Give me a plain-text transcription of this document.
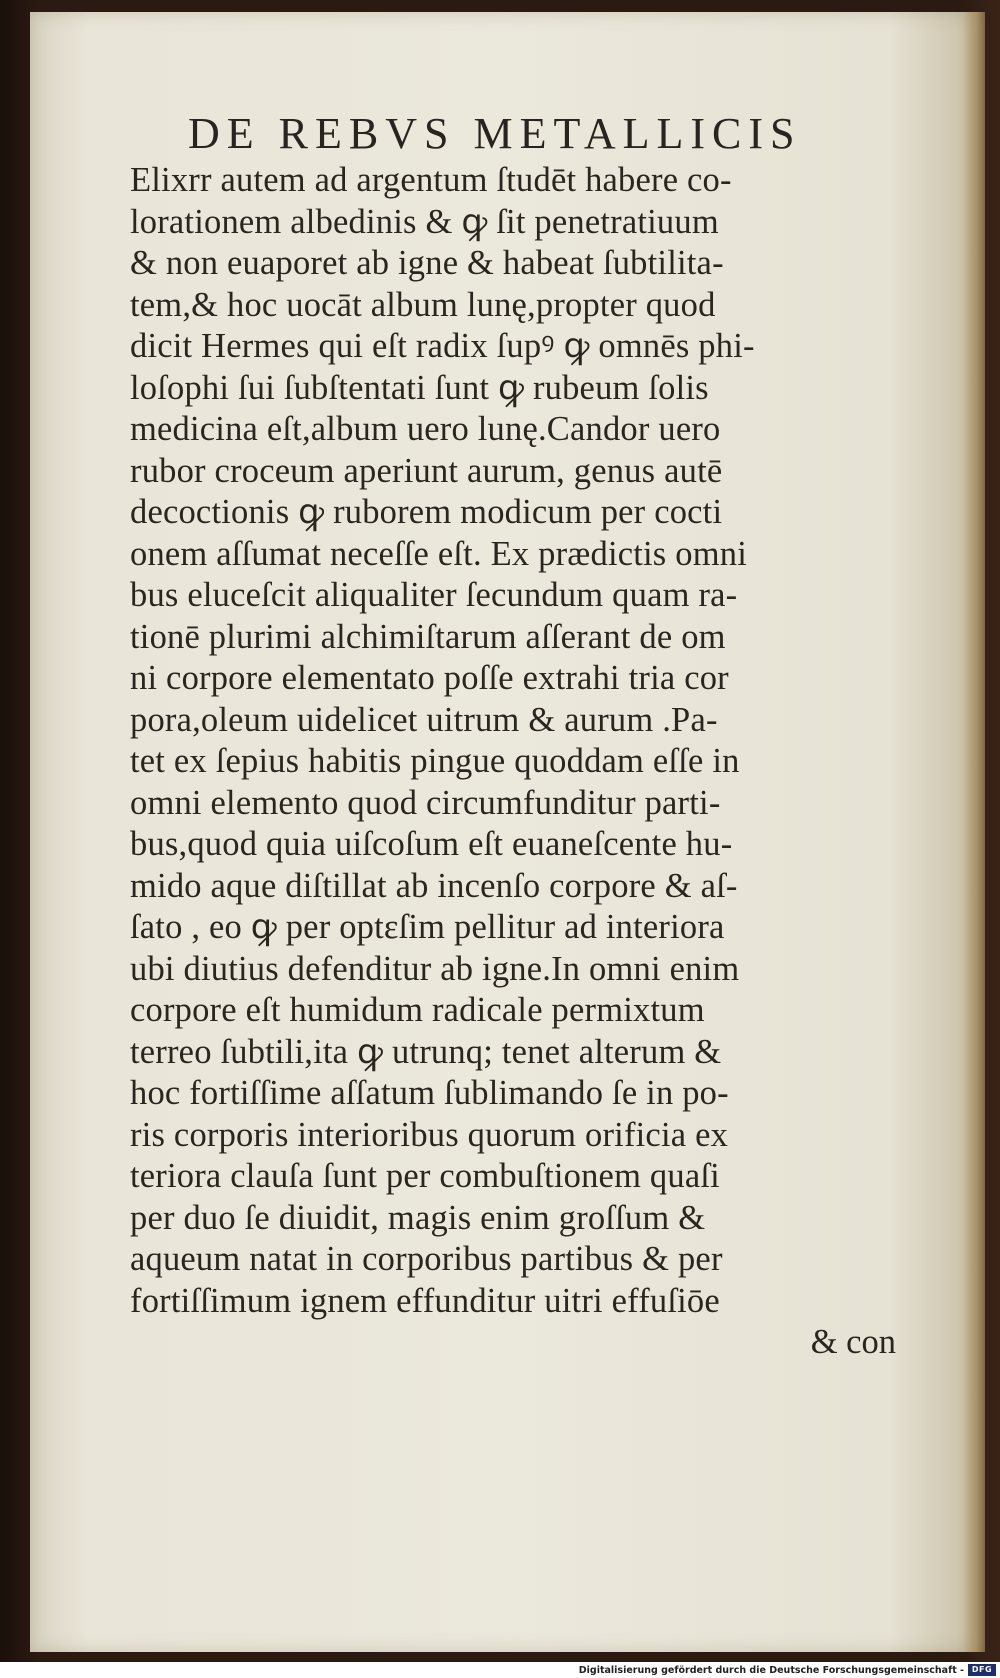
DE REBVS METALLICIS
Elixrr autem ad argentum ſtudēt habere co-
lorationem albedinis & ꝙ ſit penetratiuum
& non euaporet ab igne & habeat ſubtilita-
tem,& hoc uocāt album lunę,propter quod
dicit Hermes qui eſt radix ſupꝰ ꝙ omnēs phi-
loſophi ſui ſubſtentati ſunt ꝙ rubeum ſolis
medicina eſt,album uero lunę.Candor uero
rubor croceum aperiunt aurum, genus autē
decoctionis ꝙ ruborem modicum per cocti
onem aſſumat neceſſe eſt. Ex prædictis omni
bus eluceſcit aliqualiter ſecundum quam ra-
tionē plurimi alchimiſtarum aſſerant de om
ni corpore elementato poſſe extrahi tria cor
pora,oleum uidelicet uitrum & aurum .Pa-
tet ex ſepius habitis pingue quoddam eſſe in
omni elemento quod circumfunditur parti-
bus,quod quia uiſcoſum eſt euaneſcente hu-
mido aque diſtillat ab incenſo corpore & aſ-
ſato , eo ꝙ per optεſim pellitur ad interiora
ubi diutius defenditur ab igne.In omni enim
corpore eſt humidum radicale permixtum
terreo ſubtili,ita ꝙ utrunq; tenet alterum &
hoc fortiſſime aſſatum ſublimando ſe in po-
ris corporis interioribus quorum orificia ex
teriora clauſa ſunt per combuſtionem quaſi
per duo ſe diuidit, magis enim groſſum &
aqueum natat in corporibus partibus & per
fortiſſimum ignem effunditur uitri effuſiōe
& con
Digitalisierung gefördert durch die Deutsche Forschungsgemeinschaft - DFG
